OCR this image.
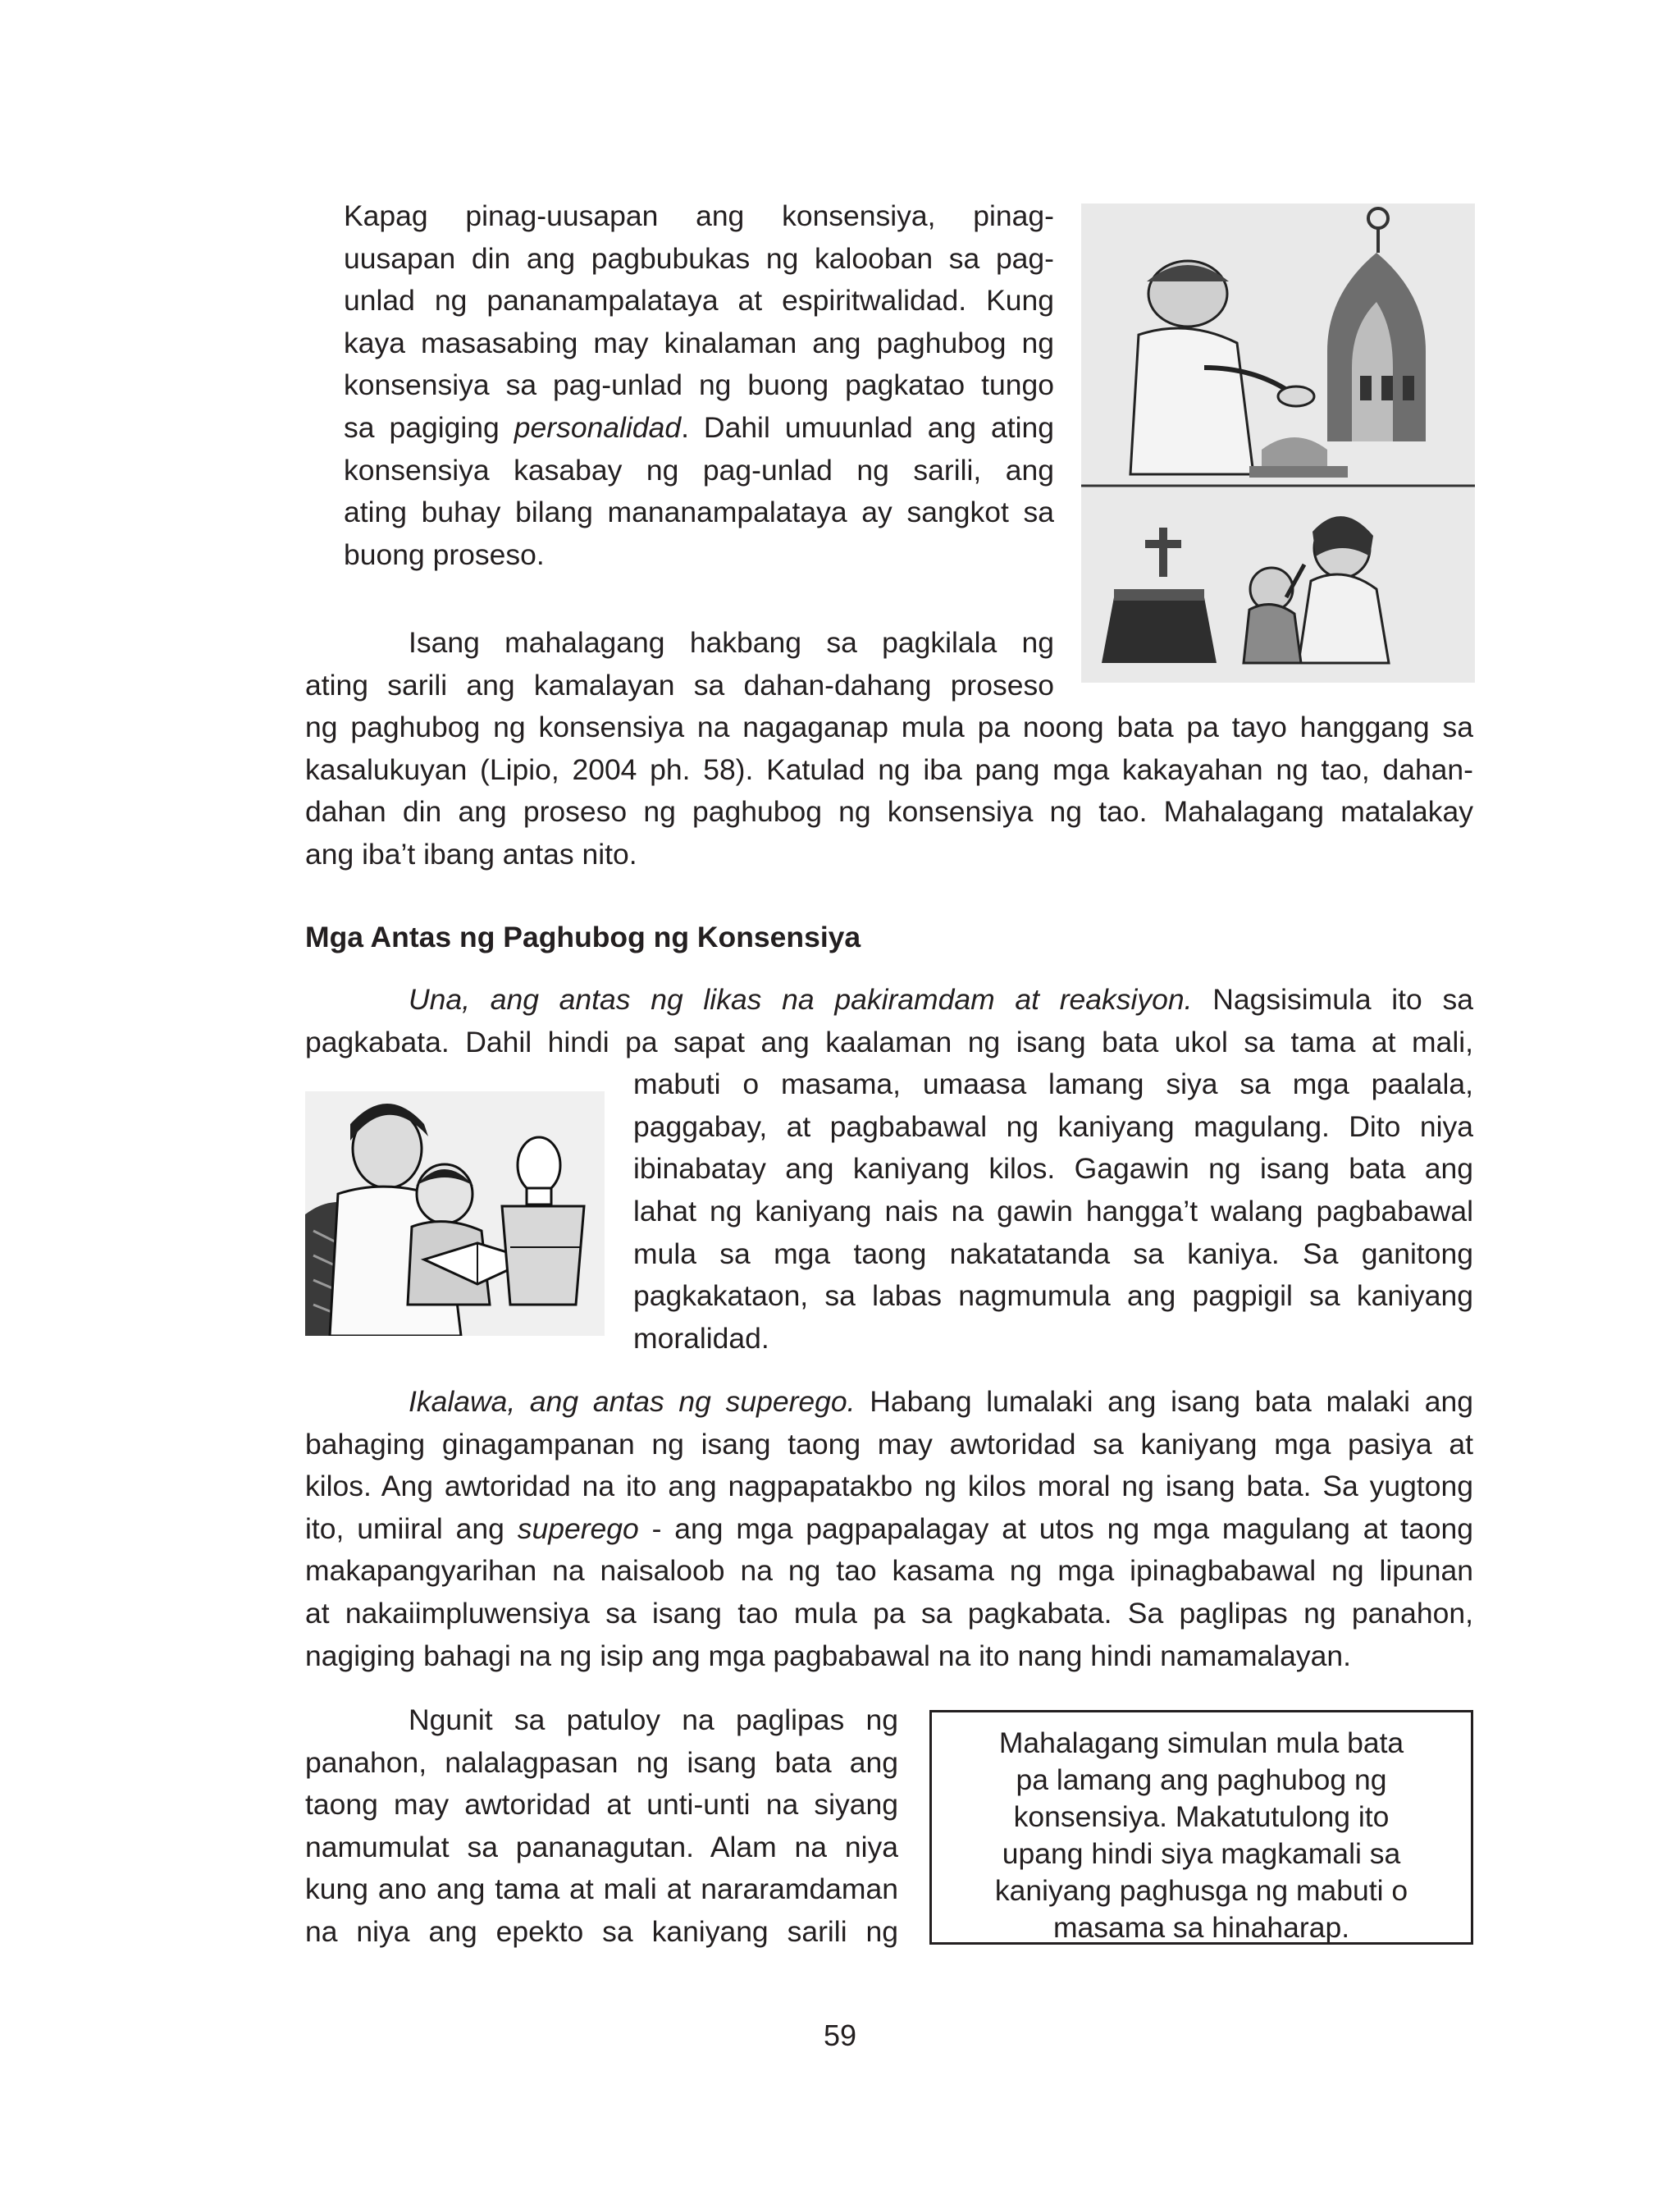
Kapag pinag-uusapan ang konsensiya, pinag-
uusapan din ang pagbubukas ng kalooban sa pag-
unlad ng pananampalataya at espiritwalidad. Kung
kaya masasabing may kinalaman ang paghubog ng
konsensiya sa pag-unlad ng buong pagkatao tungo
sa pagiging personalidad. Dahil umuunlad ang ating
konsensiya kasabay ng pag-unlad ng sarili, ang
ating buhay bilang mananampalataya ay sangkot sa
buong proseso.
Isang mahalagang hakbang sa pagkilala ng
ating sarili ang kamalayan sa dahan-dahang proseso
ng paghubog ng konsensiya na nagaganap mula pa noong bata pa tayo hanggang sa
kasalukuyan (Lipio, 2004 ph. 58). Katulad ng iba pang mga kakayahan ng tao, dahan-
dahan din ang proseso ng paghubog ng konsensiya ng tao. Mahalagang matalakay
ang iba’t ibang antas nito.
Mga Antas ng Paghubog ng Konsensiya
Una, ang antas ng likas na pakiramdam at reaksiyon. Nagsisimula ito sa
pagkabata. Dahil hindi pa sapat ang kaalaman ng isang bata ukol sa tama at mali,
mabuti o masama, umaasa lamang siya sa mga paalala,
paggabay, at pagbabawal ng kaniyang magulang. Dito niya
ibinabatay ang kaniyang kilos. Gagawin ng isang bata ang
lahat ng kaniyang nais na gawin hangga’t walang pagbabawal
mula sa mga taong nakatatanda sa kaniya. Sa ganitong
pagkakataon, sa labas nagmumula ang pagpigil sa kaniyang
moralidad.
Ikalawa, ang antas ng superego. Habang lumalaki ang isang bata malaki ang
bahaging ginagampanan ng isang taong may awtoridad sa kaniyang mga pasiya at
kilos. Ang awtoridad na ito ang nagpapatakbo ng kilos moral ng isang bata. Sa yugtong
ito, umiiral ang superego - ang mga pagpapalagay at utos ng mga magulang at taong
makapangyarihan na naisaloob na ng tao kasama ng mga ipinagbabawal ng lipunan
at nakaiimpluwensiya sa isang tao mula pa sa pagkabata. Sa paglipas ng panahon,
nagiging bahagi na ng isip ang mga pagbabawal na ito nang hindi namamalayan.
Ngunit sa patuloy na paglipas ng
panahon, nalalagpasan ng isang bata ang
taong may awtoridad at unti-unti na siyang
namumulat sa pananagutan. Alam na niya
kung ano ang tama at mali at nararamdaman
na niya ang epekto sa kaniyang sarili ng
Mahalagang simulan mula bata
pa lamang ang paghubog ng
konsensiya. Makatutulong ito
upang hindi siya magkamali sa
kaniyang paghusga ng mabuti o
masama sa hinaharap.

59
